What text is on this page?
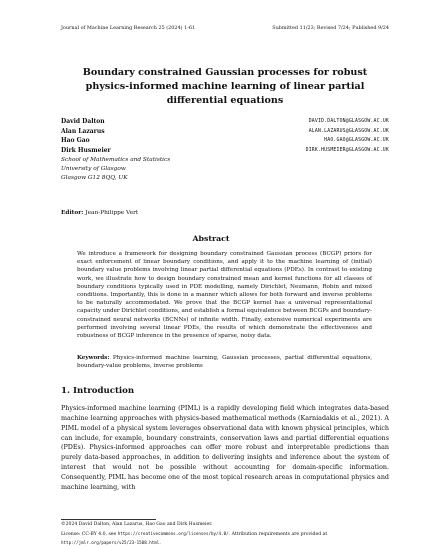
Journal of Machine Learning Research 25 (2024) 1-61	Submitted 11/23; Revised 7/24; Published 9/24
Boundary constrained Gaussian processes for robust
physics-informed machine learning of linear partial
differential equations
David Dalton	DAVID.DALTON@GLASGOW.AC.UK
Alan Lazarus	ALAN.LAZARUS@GLASGOW.AC.UK
Hao Gao	HAO.GAO@GLASGOW.AC.UK
Dirk Husmeier	DIRK.HUSMEIER@GLASGOW.AC.UK
School of Mathematics and Statistics
University of Glasgow
Glasgow G12 8QQ, UK
Editor: Jean-Philippe Vert
Abstract
We introduce a framework for designing boundary constrained Gaussian process (BCGP) priors for exact enforcement of linear boundary conditions, and apply it to the machine learning of (initial) boundary value problems involving linear partial differential equations (PDEs). In contrast to existing work, we illustrate how to design boundary constrained mean and kernel functions for all classes of boundary conditions typically used in PDE modelling, namely Dirichlet, Neumann, Robin and mixed conditions. Importantly, this is done in a manner which allows for both forward and inverse problems to be naturally accommodated. We prove that the BCGP kernel has a universal representational capacity under Dirichlet conditions, and establish a formal equivalence between BCGPs and boundary-constrained neural networks (BCNNs) of infinite width. Finally, extensive numerical experiments are performed involving several linear PDEs, the results of which demonstrate the effectiveness and robustness of BCGP inference in the presence of sparse, noisy data.
Keywords: Physics-informed machine learning, Gaussian processes, partial differential equations, boundary-value problems, inverse problems
1. Introduction
Physics-informed machine learning (PIML) is a rapidly developing field which integrates data-based machine learning approaches with physics-based mathematical methods (Karniadakis et al., 2021). A PIML model of a physical system leverages observational data with known physical principles, which can include, for example, boundary constraints, conservation laws and partial differential equations (PDEs). Physics-informed approaches can offer more robust and interpretable predictions than purely data-based approaches, in addition to delivering insights and inference about the system of interest that would not be possible without accounting for domain-specific information. Consequently, PIML has become one of the most topical research areas in computational physics and machine learning, with

©2024 David Dalton, Alan Lazarus, Hao Gao and Dirk Husmeier.

License: CC-BY 4.0, see https://creativecommons.org/licenses/by/4.0/. Attribution requirements are provided at

http://jmlr.org/papers/v25/23-1508.html.
